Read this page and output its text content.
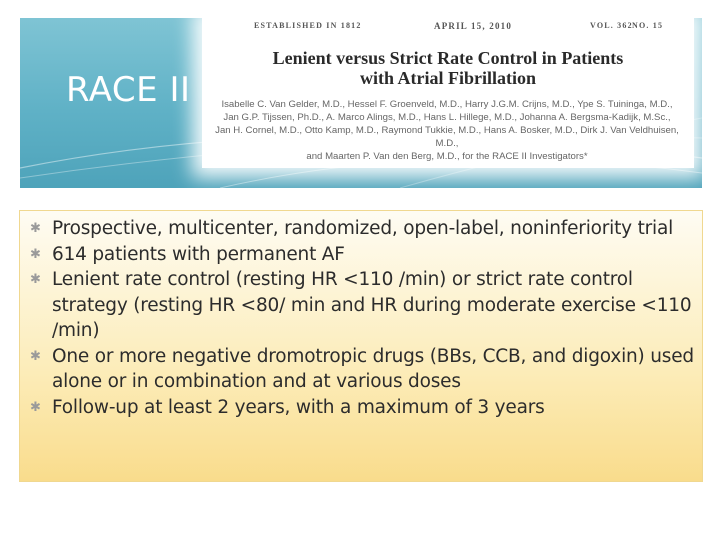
RACE II
ESTABLISHED IN 1812	APRIL 15, 2010	VOL. 362 NO. 15
Lenient versus Strict Rate Control in Patients
with Atrial Fibrillation
Isabelle C. Van Gelder, M.D., Hessel F. Groenveld, M.D., Harry J.G.M. Crijns, M.D., Ype S. Tuininga, M.D.,
Jan G.P. Tijssen, Ph.D., A. Marco Alings, M.D., Hans L. Hillege, M.D., Johanna A. Bergsma-Kadijk, M.Sc.,
Jan H. Cornel, M.D., Otto Kamp, M.D., Raymond Tukkie, M.D., Hans A. Bosker, M.D., Dirk J. Van Veldhuisen, M.D.,
and Maarten P. Van den Berg, M.D., for the RACE II Investigators*
✱ Prospective, multicenter, randomized, open-label, noninferiority trial
✱ 614 patients with permanent AF
✱ Lenient rate control (resting HR <110 /min) or strict rate control strategy (resting HR <80/ min and HR during moderate exercise <110 /min)
✱ One or more negative dromotropic drugs (BBs, CCB, and digoxin) used alone or in combination and at various doses
✱ Follow-up at least 2 years, with a maximum of 3 years
